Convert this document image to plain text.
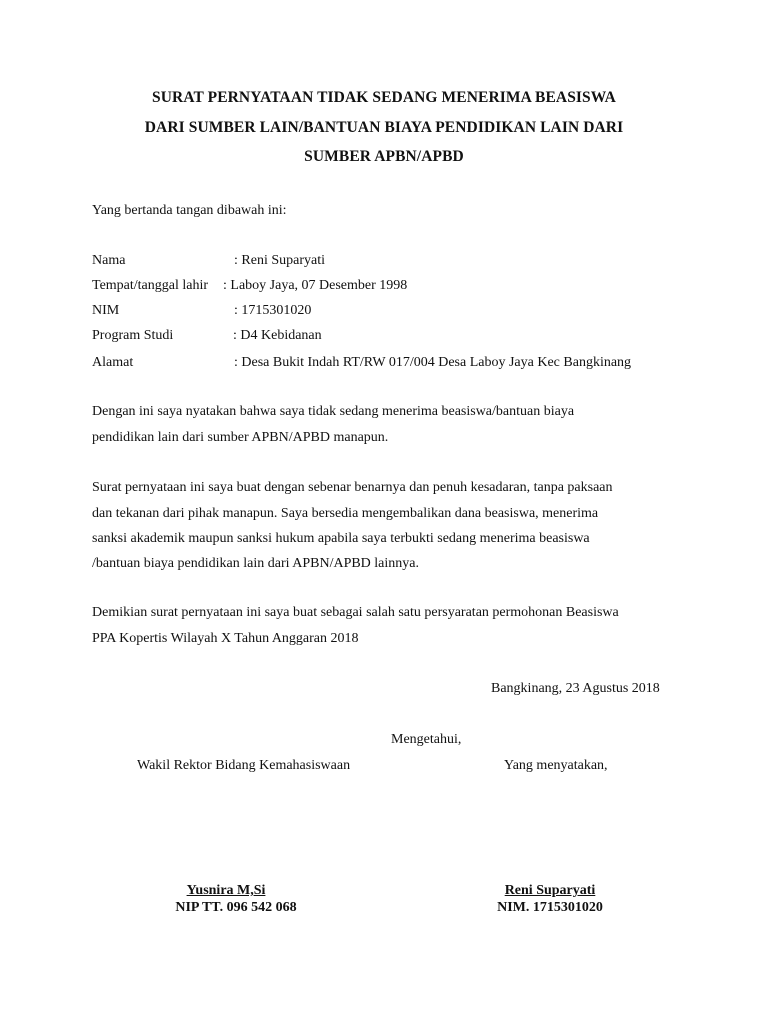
SURAT PERNYATAAN TIDAK SEDANG MENERIMA BEASISWA
DARI SUMBER LAIN/BANTUAN BIAYA PENDIDIKAN LAIN DARI
SUMBER APBN/APBD
Yang bertanda tangan dibawah ini:
Nama	: Reni Suparyati
Tempat/tanggal lahir : Laboy Jaya, 07 Desember 1998
NIM	: 1715301020
Program Studi	: D4 Kebidanan
Alamat	: Desa Bukit Indah RT/RW 017/004 Desa Laboy Jaya Kec Bangkinang
Dengan ini saya nyatakan bahwa saya tidak sedang menerima beasiswa/bantuan biaya
pendidikan lain dari sumber APBN/APBD manapun.
Surat pernyataan ini saya buat dengan sebenar benarnya dan penuh kesadaran, tanpa paksaan
dan tekanan dari pihak manapun. Saya bersedia mengembalikan dana beasiswa, menerima
sanksi akademik maupun sanksi hukum apabila saya terbukti sedang menerima beasiswa
/bantuan biaya pendidikan lain dari APBN/APBD lainnya.
Demikian surat pernyataan ini saya buat sebagai salah satu persyaratan permohonan Beasiswa
PPA Kopertis Wilayah X Tahun Anggaran 2018
Bangkinang, 23 Agustus 2018
Mengetahui,
Wakil Rektor Bidang Kemahasiswaan	Yang menyatakan,
Yusnira M,Si
NIP TT. 096 542 068
Reni Suparyati
NIM. 1715301020
